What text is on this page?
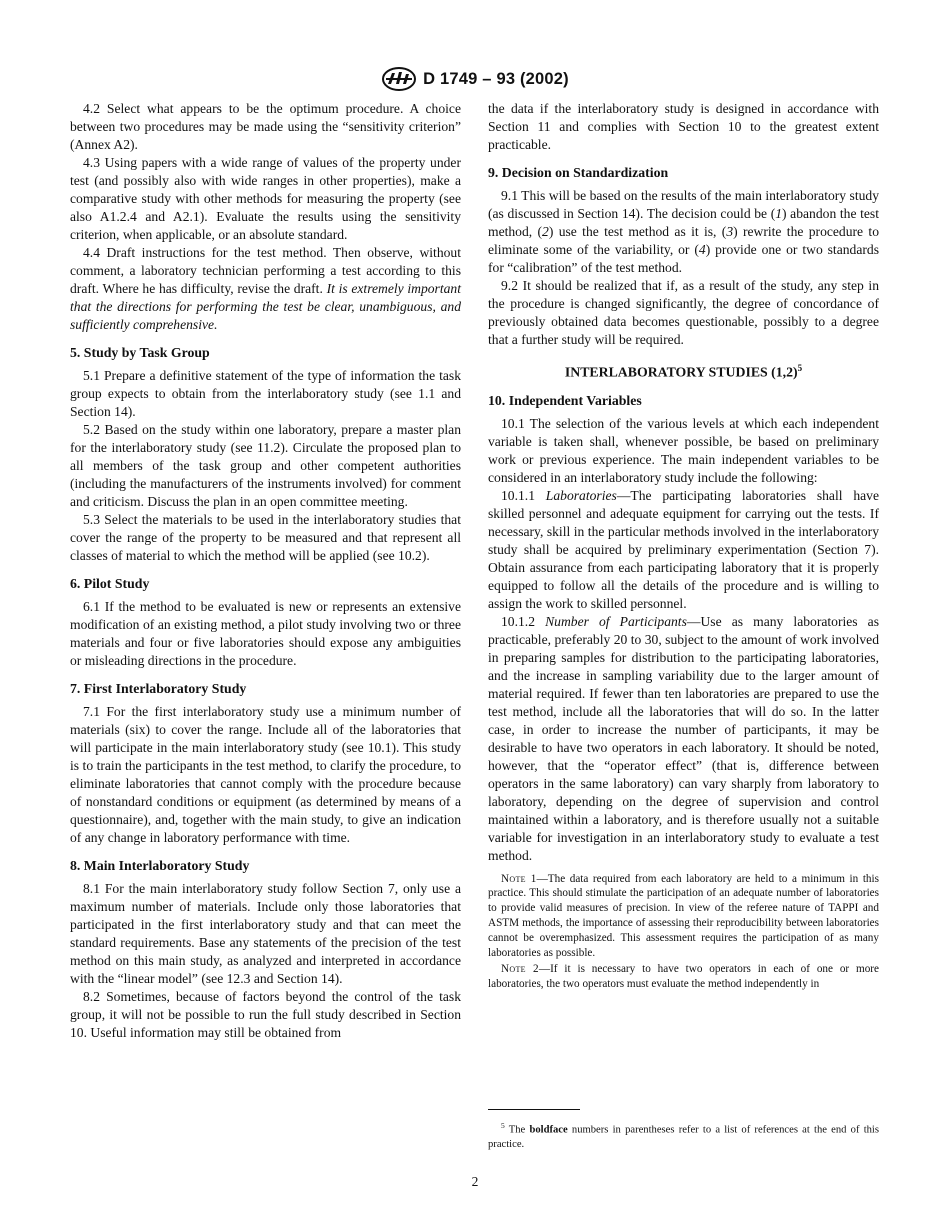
D 1749 – 93 (2002)

4.2 Select what appears to be the optimum procedure. A choice between two procedures may be made using the “sensitivity criterion” (Annex A2).

4.3 Using papers with a wide range of values of the property under test (and possibly also with wide ranges in other properties), make a comparative study with other methods for measuring the property (see also A1.2.4 and A2.1). Evaluate the results using the sensitivity criterion, when applicable, or an absolute standard.

4.4 Draft instructions for the test method. Then observe, without comment, a laboratory technician performing a test according to this draft. Where he has difficulty, revise the draft. It is extremely important that the directions for performing the test be clear, unambiguous, and sufficiently comprehensive.

5. Study by Task Group

5.1 Prepare a definitive statement of the type of information the task group expects to obtain from the interlaboratory study (see 1.1 and Section 14).

5.2 Based on the study within one laboratory, prepare a master plan for the interlaboratory study (see 11.2). Circulate the proposed plan to all members of the task group and other competent authorities (including the manufacturers of the instruments involved) for comment and criticism. Discuss the plan in an open committee meeting.

5.3 Select the materials to be used in the interlaboratory studies that cover the range of the property to be measured and that represent all classes of material to which the method will be applied (see 10.2).

6. Pilot Study

6.1 If the method to be evaluated is new or represents an extensive modification of an existing method, a pilot study involving two or three materials and four or five laboratories should expose any ambiguities or misleading directions in the procedure.

7. First Interlaboratory Study

7.1 For the first interlaboratory study use a minimum number of materials (six) to cover the range. Include all of the laboratories that will participate in the main interlaboratory study (see 10.1). This study is to train the participants in the test method, to clarify the procedure, to eliminate laboratories that cannot comply with the procedure because of nonstandard conditions or equipment (as determined by means of a questionnaire), and, together with the main study, to give an indication of any change in laboratory performance with time.

8. Main Interlaboratory Study

8.1 For the main interlaboratory study follow Section 7, only use a maximum number of materials. Include only those laboratories that participated in the first interlaboratory study and that can meet the standard requirements. Base any statements of the precision of the test method on this main study, as analyzed and interpreted in accordance with the “linear model” (see 12.3 and Section 14).

8.2 Sometimes, because of factors beyond the control of the task group, it will not be possible to run the full study described in Section 10. Useful information may still be obtained from

the data if the interlaboratory study is designed in accordance with Section 11 and complies with Section 10 to the greatest extent practicable.

9. Decision on Standardization

9.1 This will be based on the results of the main interlaboratory study (as discussed in Section 14). The decision could be (1) abandon the test method, (2) use the test method as it is, (3) rewrite the procedure to eliminate some of the variability, or (4) provide one or two standards for “calibration” of the test method.

9.2 It should be realized that if, as a result of the study, any step in the procedure is changed significantly, the degree of concordance of previously obtained data becomes questionable, possibly to a degree that a further study will be required.

INTERLABORATORY STUDIES $(1,2)^5$
10. Independent Variables

10.1 The selection of the various levels at which each independent variable is taken shall, whenever possible, be based on preliminary work or previous experience. The main independent variables to be considered in an interlaboratory study include the following:

10.1.1 Laboratories—The participating laboratories shall have skilled personnel and adequate equipment for carrying out the tests. If necessary, skill in the particular methods involved in the interlaboratory study shall be acquired by preliminary experimentation (Section 7). Obtain assurance from each participating laboratory that it is properly equipped to follow all the details of the procedure and is willing to assign the work to skilled personnel.

10.1.2 Number of Participants—Use as many laboratories as practicable, preferably 20 to 30, subject to the amount of work involved in preparing samples for distribution to the participating laboratories, and the increase in sampling variability due to the larger amount of material required. If fewer than ten laboratories are prepared to use the test method, include all the laboratories that will do so. In the latter case, in order to increase the number of participants, it may be desirable to have two operators in each laboratory. It should be noted, however, that the “operator effect” (that is, difference between operators in the same laboratory) can vary sharply from laboratory to laboratory, depending on the degree of supervision and control maintained within a laboratory, and is therefore usually not a suitable variable for investigation in an interlaboratory study to evaluate a test method.

Note 1—The data required from each laboratory are held to a minimum in this practice. This should stimulate the participation of an adequate number of laboratories to provide valid measures of precision. In view of the referee nature of TAPPI and ASTM methods, the importance of assessing their reproducibility between laboratories cannot be overemphasized. This assessment requires the participation of as many laboratories as possible.

Note 2—If it is necessary to have two operators in each of one or more laboratories, the two operators must evaluate the method independently in

$^5$ The boldface numbers in parentheses refer to a list of references at the end of this practice.
2
